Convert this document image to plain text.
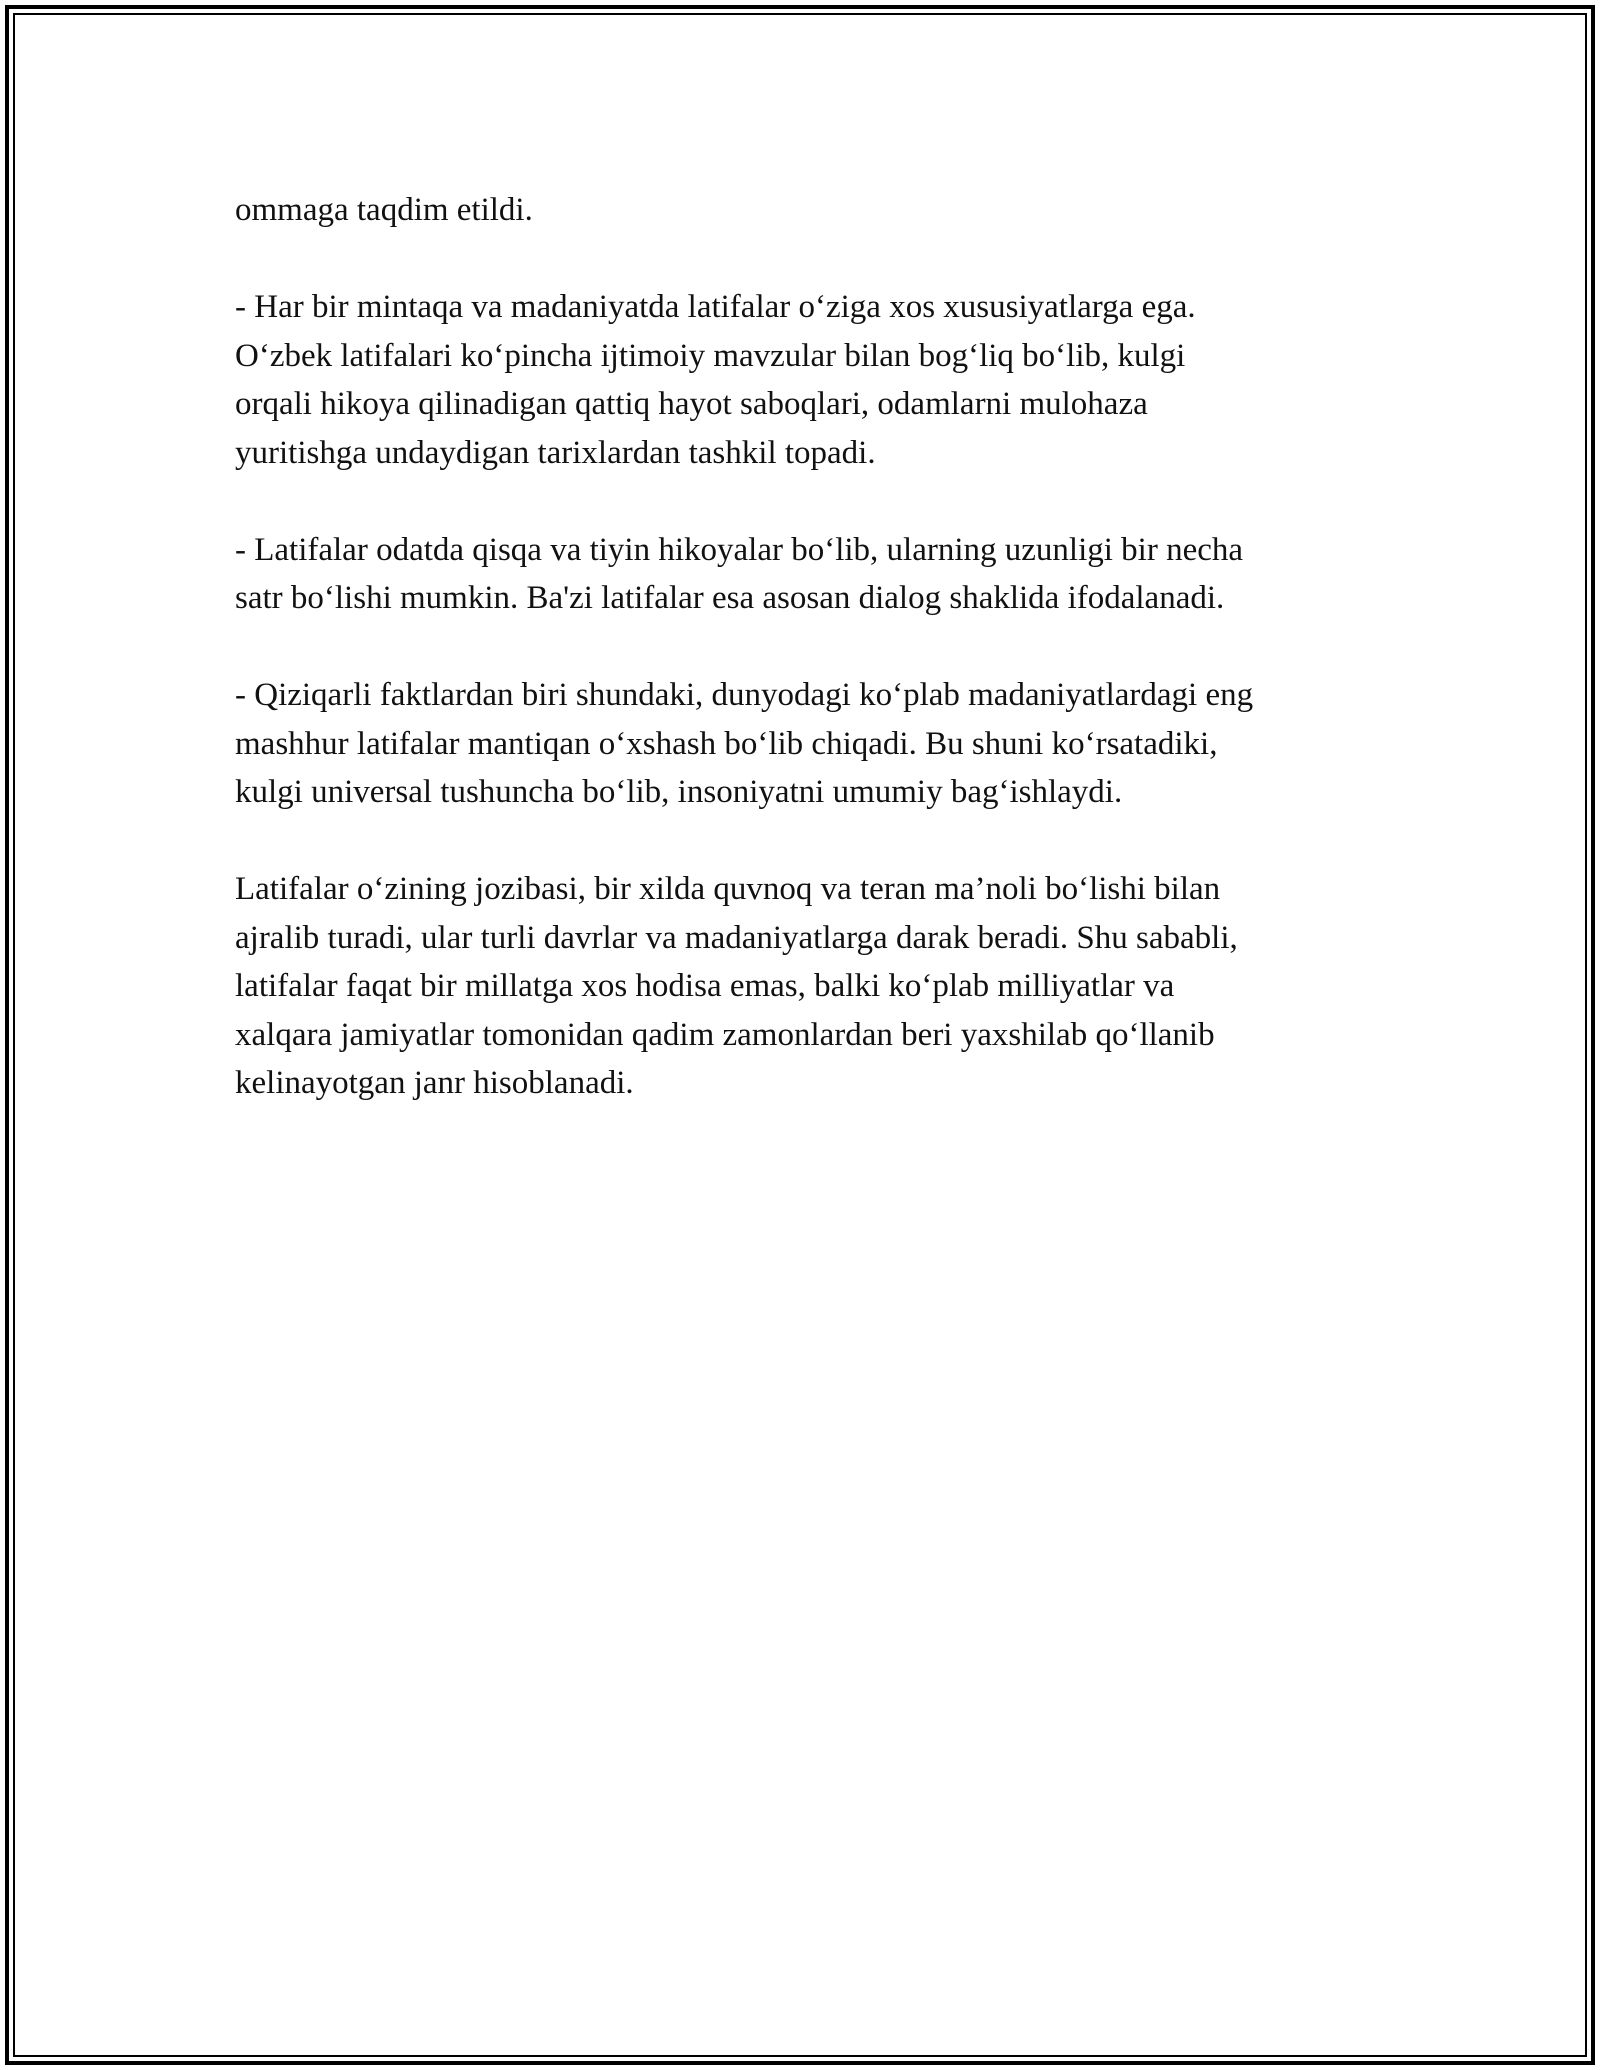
ommaga taqdim etildi.
- Har bir mintaqa va madaniyatda latifalar o‘ziga xos xususiyatlarga ega.
O‘zbek latifalari ko‘pincha ijtimoiy mavzular bilan bog‘liq bo‘lib, kulgi
orqali hikoya qilinadigan qattiq hayot saboqlari, odamlarni mulohaza
yuritishga undaydigan tarixlardan tashkil topadi.
- Latifalar odatda qisqa va tiyin hikoyalar bo‘lib, ularning uzunligi bir necha
satr bo‘lishi mumkin. Ba'zi latifalar esa asosan dialog shaklida ifodalanadi.
- Qiziqarli faktlardan biri shundaki, dunyodagi ko‘plab madaniyatlardagi eng
mashhur latifalar mantiqan o‘xshash bo‘lib chiqadi. Bu shuni ko‘rsatadiki,
kulgi universal tushuncha bo‘lib, insoniyatni umumiy bag‘ishlaydi.
Latifalar o‘zining jozibasi, bir xilda quvnoq va teran ma’noli bo‘lishi bilan
ajralib turadi, ular turli davrlar va madaniyatlarga darak beradi. Shu sababli,
latifalar faqat bir millatga xos hodisa emas, balki ko‘plab milliyatlar va
xalqara jamiyatlar tomonidan qadim zamonlardan beri yaxshilab qo‘llanib
kelinayotgan janr hisoblanadi.
